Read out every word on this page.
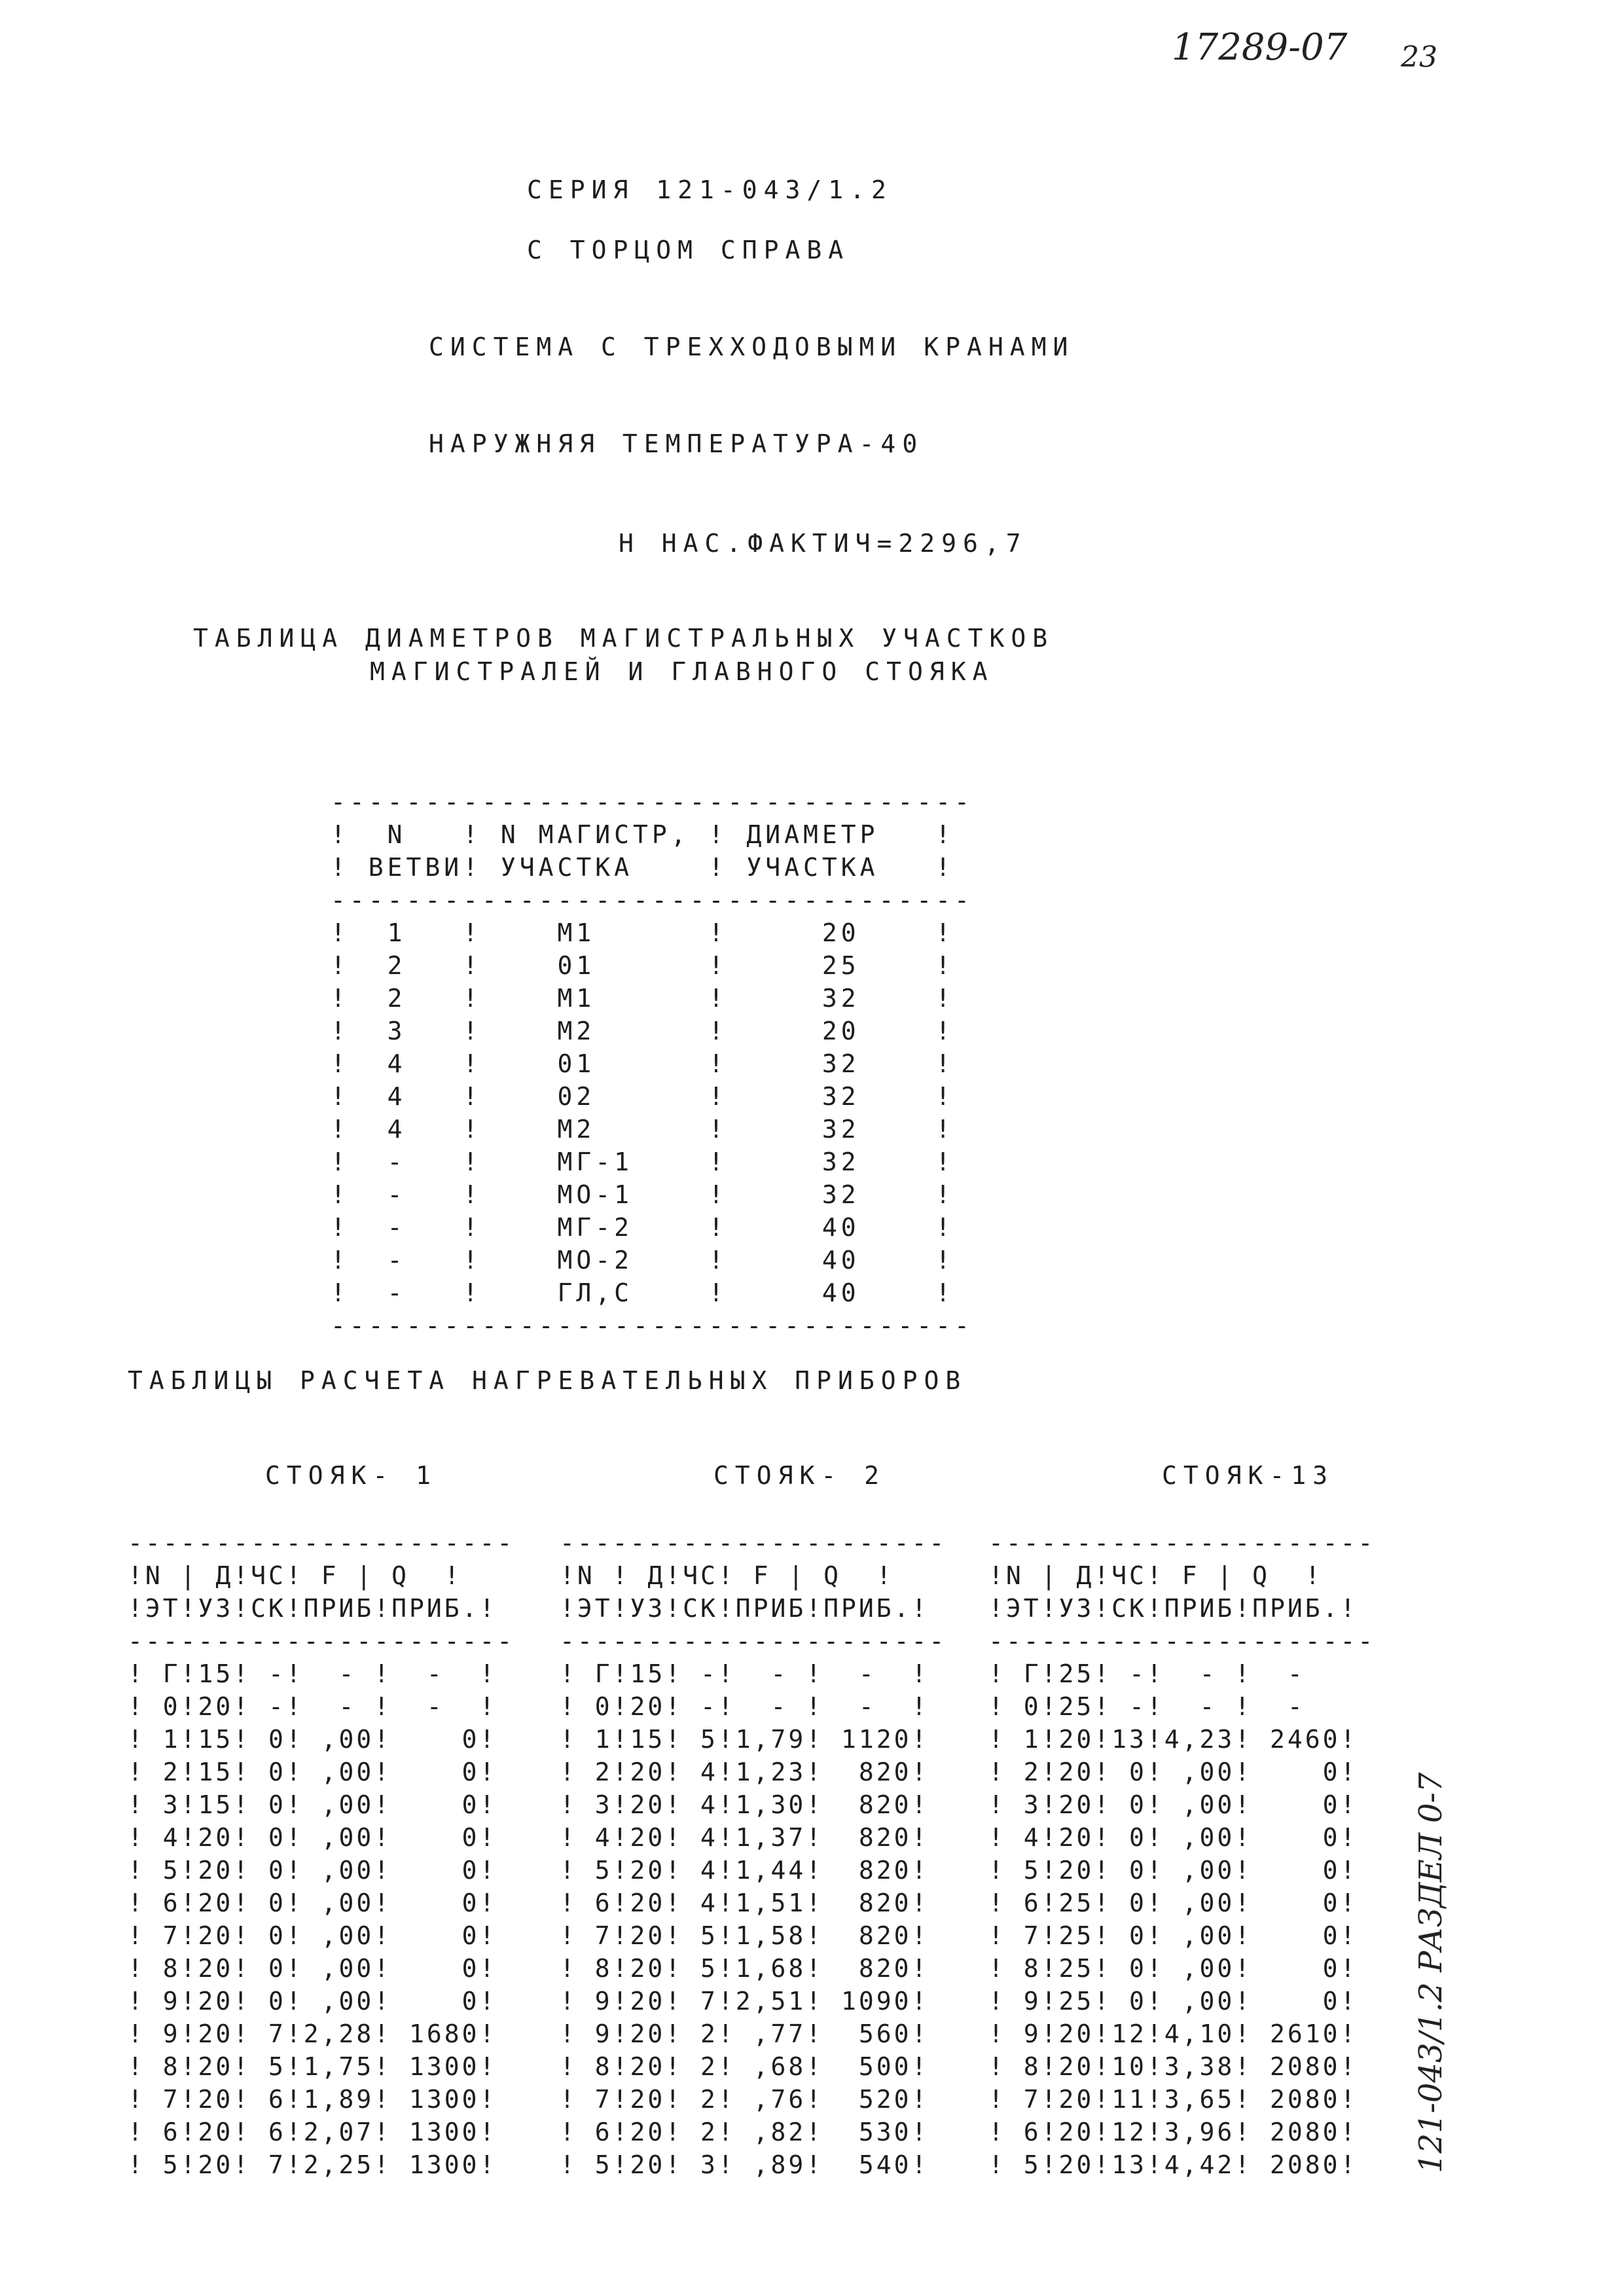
17289-07 23
СЕРИЯ 121-043/1.2
С ТОРЦОМ СПРАВА
СИСТЕМА С ТРЕХХОДОВЫМИ КРАНАМИ
НАРУЖНЯЯ ТЕМПЕРАТУРА-40
Н НАС.ФАКТИЧ=2296,7
ТАБЛИЦА ДИАМЕТРОВ МАГИСТРАЛЬНЫХ УЧАСТКОВ
МАГИСТРАЛЕЙ И ГЛАВНОГО СТОЯКА

----------------------------------
!  N   ! N МАГИСТР, ! ДИАМЕТР   !
! ВЕТВИ! УЧАСТКА    ! УЧАСТКА   !
----------------------------------
!  1   !    М1      !     20    !
!  2   !    01      !     25    !
!  2   !    М1      !     32    !
!  3   !    М2      !     20    !
!  4   !    01      !     32    !
!  4   !    02      !     32    !
!  4   !    М2      !     32    !
!  -   !    МГ-1    !     32    !
!  -   !    МО-1    !     32    !
!  -   !    МГ-2    !     40    !
!  -   !    МО-2    !     40    !
!  -   !    ГЛ,С    !     40    !
----------------------------------

ТАБЛИЦЫ РАСЧЕТА НАГРЕВАТЕЛЬНЫХ ПРИБОРОВ
СТОЯК- 1	СТОЯК- 2	СТОЯК-13

----------------------
!N | Д!ЧС! F | Q  !
!ЭТ!УЗ!СК!ПРИБ!ПРИБ.!
----------------------
! Г!15! -!  - !  -  !
! 0!20! -!  - !  -  !
! 1!15! 0! ,00!    0!
! 2!15! 0! ,00!    0!
! 3!15! 0! ,00!    0!
! 4!20! 0! ,00!    0!
! 5!20! 0! ,00!    0!
! 6!20! 0! ,00!    0!
! 7!20! 0! ,00!    0!
! 8!20! 0! ,00!    0!
! 9!20! 0! ,00!    0!
! 9!20! 7!2,28! 1680!
! 8!20! 5!1,75! 1300!
! 7!20! 6!1,89! 1300!
! 6!20! 6!2,07! 1300!
! 5!20! 7!2,25! 1300!

----------------------
!N ! Д!ЧС! F | Q  !
!ЭТ!УЗ!СК!ПРИБ!ПРИБ.!
----------------------
! Г!15! -!  - !  -  !
! 0!20! -!  - !  -  !
! 1!15! 5!1,79! 1120!
! 2!20! 4!1,23!  820!
! 3!20! 4!1,30!  820!
! 4!20! 4!1,37!  820!
! 5!20! 4!1,44!  820!
! 6!20! 4!1,51!  820!
! 7!20! 5!1,58!  820!
! 8!20! 5!1,68!  820!
! 9!20! 7!2,51! 1090!
! 9!20! 2! ,77!  560!
! 8!20! 2! ,68!  500!
! 7!20! 2! ,76!  520!
! 6!20! 2! ,82!  530!
! 5!20! 3! ,89!  540!

----------------------
!N | Д!ЧС! F | Q  !
!ЭТ!УЗ!СК!ПРИБ!ПРИБ.!
----------------------
! Г!25! -!  - !  -
! 0!25! -!  - !  -
! 1!20!13!4,23! 2460!
! 2!20! 0! ,00!    0!
! 3!20! 0! ,00!    0!
! 4!20! 0! ,00!    0!
! 5!20! 0! ,00!    0!
! 6!25! 0! ,00!    0!
! 7!25! 0! ,00!    0!
! 8!25! 0! ,00!    0!
! 9!25! 0! ,00!    0!
! 9!20!12!4,10! 2610!
! 8!20!10!3,38! 2080!
! 7!20!11!3,65! 2080!
! 6!20!12!3,96! 2080!
! 5!20!13!4,42! 2080!	121-043/1.2 РАЗДЕЛ 0-7
